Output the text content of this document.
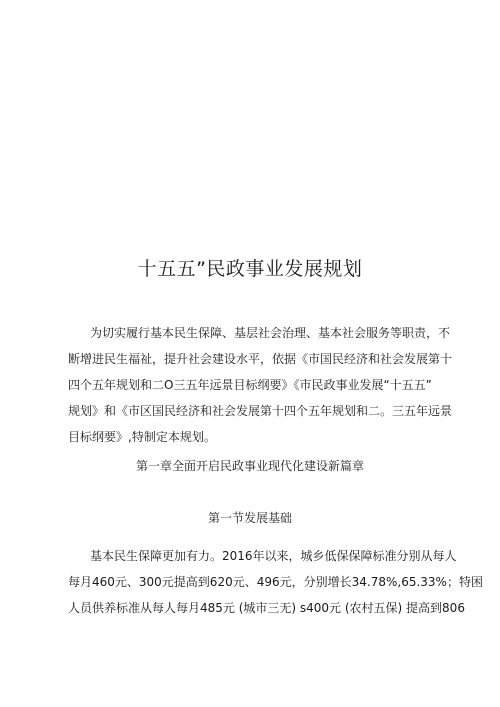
十五五”民政事业发展规划

为切实履行基本民生保障、基层社会治理、基本社会服务等职责，不
断增进民生福祉，提升社会建设水平，依据《市国民经济和社会发展第十
四个五年规划和二O三五年远景目标纲要》《市民政事业发展“十五五”
规划》和《市区国民经济和社会发展第十四个五年规划和二。三五年远景
目标纲要》,特制定本规划。

第一章全面开启民政事业现代化建设新篇章
第一节发展基础

基本民生保障更加有力。2016年以来，城乡低保保障标准分别从每人
每月460元、300元提高到620元、496元，分别增长34.78%,65.33%；特困
人员供养标准从每人每月485元 (城市三无) s400元 (农村五保) 提高到806
